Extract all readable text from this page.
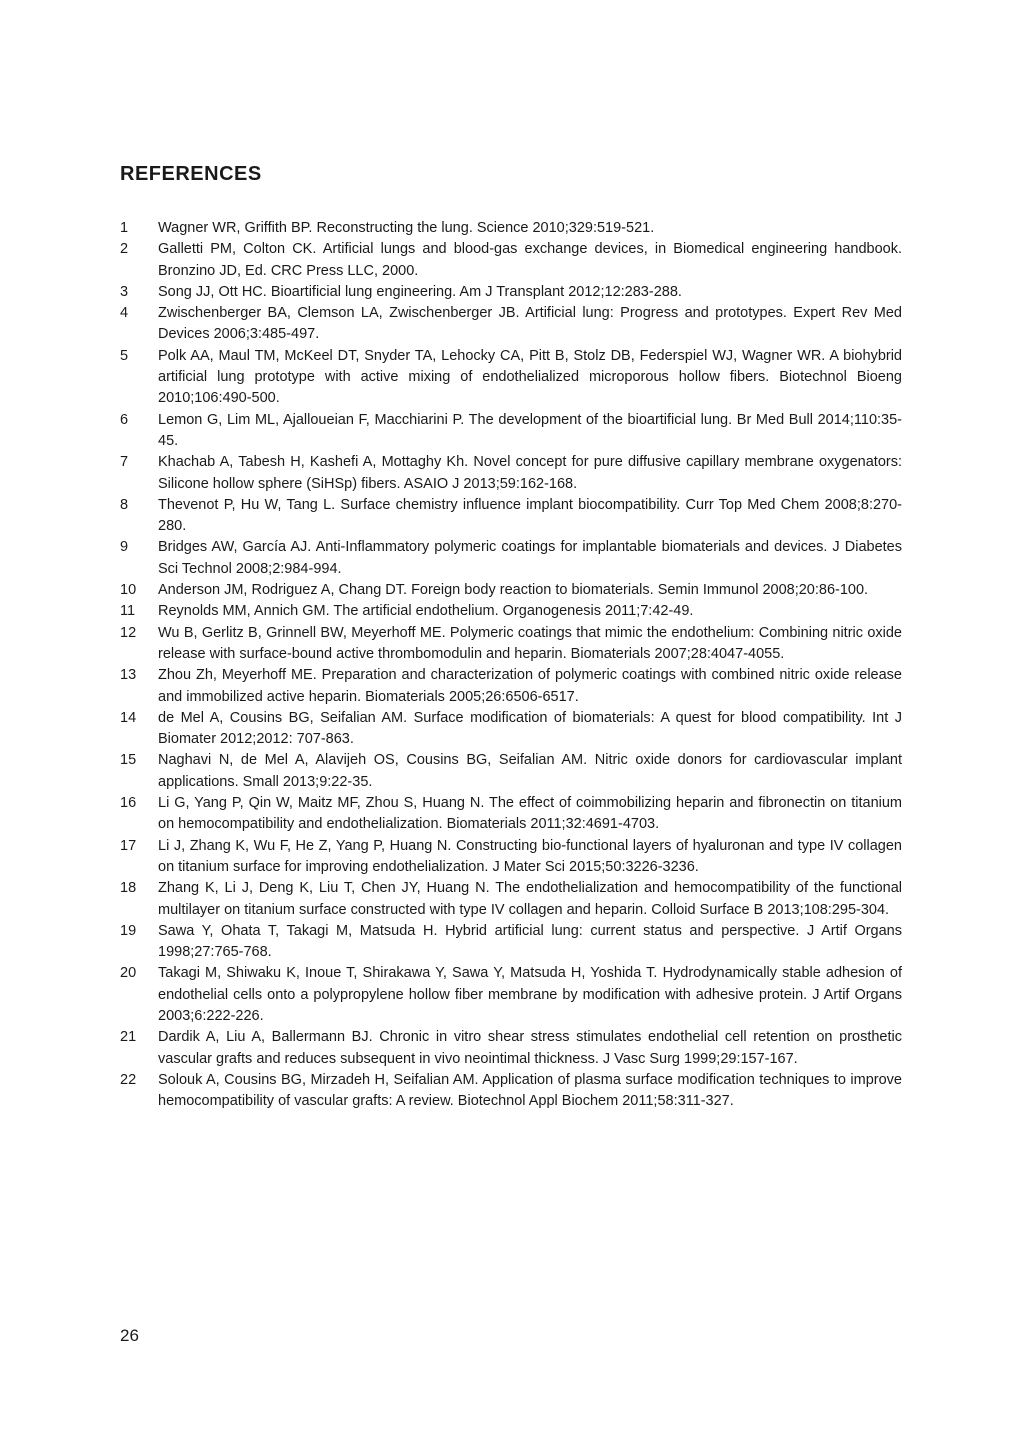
REFERENCES
1	Wagner WR, Griffith BP. Reconstructing the lung. Science 2010;329:519-521.
2	Galletti PM, Colton CK. Artificial lungs and blood-gas exchange devices, in Biomedical engineering handbook. Bronzino JD, Ed. CRC Press LLC, 2000.
3	Song JJ, Ott HC. Bioartificial lung engineering. Am J Transplant 2012;12:283-288.
4	Zwischenberger BA, Clemson LA, Zwischenberger JB. Artificial lung: Progress and prototypes. Expert Rev Med Devices 2006;3:485-497.
5	Polk AA, Maul TM, McKeel DT, Snyder TA, Lehocky CA, Pitt B, Stolz DB, Federspiel WJ, Wagner WR. A biohybrid artificial lung prototype with active mixing of endothelialized microporous hollow fibers. Biotechnol Bioeng 2010;106:490-500.
6	Lemon G, Lim ML, Ajalloueian F, Macchiarini P. The development of the bioartificial lung. Br Med Bull 2014;110:35-45.
7	Khachab A, Tabesh H, Kashefi A, Mottaghy Kh. Novel concept for pure diffusive capillary membrane oxygenators: Silicone hollow sphere (SiHSp) fibers. ASAIO J 2013;59:162-168.
8	Thevenot P, Hu W, Tang L. Surface chemistry influence implant biocompatibility. Curr Top Med Chem 2008;8:270-280.
9	Bridges AW, García AJ. Anti-Inflammatory polymeric coatings for implantable biomaterials and devices. J Diabetes Sci Technol 2008;2:984-994.
10	Anderson JM, Rodriguez A, Chang DT. Foreign body reaction to biomaterials. Semin Immunol 2008;20:86-100.
11	Reynolds MM, Annich GM. The artificial endothelium. Organogenesis 2011;7:42-49.
12	Wu B, Gerlitz B, Grinnell BW, Meyerhoff ME. Polymeric coatings that mimic the endothelium: Combining nitric oxide release with surface-bound active thrombomodulin and heparin. Biomaterials 2007;28:4047-4055.
13	Zhou Zh, Meyerhoff ME. Preparation and characterization of polymeric coatings with combined nitric oxide release and immobilized active heparin. Biomaterials 2005;26:6506-6517.
14	de Mel A, Cousins BG, Seifalian AM. Surface modification of biomaterials: A quest for blood compatibility. Int J Biomater 2012;2012: 707-863.
15	Naghavi N, de Mel A, Alavijeh OS, Cousins BG, Seifalian AM. Nitric oxide donors for cardiovascular implant applications. Small 2013;9:22-35.
16	Li G, Yang P, Qin W, Maitz MF, Zhou S, Huang N. The effect of coimmobilizing heparin and fibronectin on titanium on hemocompatibility and endothelialization. Biomaterials 2011;32:4691-4703.
17	Li J, Zhang K, Wu F, He Z, Yang P, Huang N. Constructing bio-functional layers of hyaluronan and type IV collagen on titanium surface for improving endothelialization. J Mater Sci 2015;50:3226-3236.
18	Zhang K, Li J, Deng K, Liu T, Chen JY, Huang N. The endothelialization and hemocompatibility of the functional multilayer on titanium surface constructed with type IV collagen and heparin. Colloid Surface B 2013;108:295-304.
19	Sawa Y, Ohata T, Takagi M, Matsuda H. Hybrid artificial lung: current status and perspective. J Artif Organs 1998;27:765-768.
20	Takagi M, Shiwaku K, Inoue T, Shirakawa Y, Sawa Y, Matsuda H, Yoshida T. Hydrodynamically stable adhesion of endothelial cells onto a polypropylene hollow fiber membrane by modification with adhesive protein. J Artif Organs 2003;6:222-226.
21	Dardik A, Liu A, Ballermann BJ. Chronic in vitro shear stress stimulates endothelial cell retention on prosthetic vascular grafts and reduces subsequent in vivo neointimal thickness. J Vasc Surg 1999;29:157-167.
22	Solouk A, Cousins BG, Mirzadeh H, Seifalian AM. Application of plasma surface modification techniques to improve hemocompatibility of vascular grafts: A review. Biotechnol Appl Biochem 2011;58:311-327.
26
